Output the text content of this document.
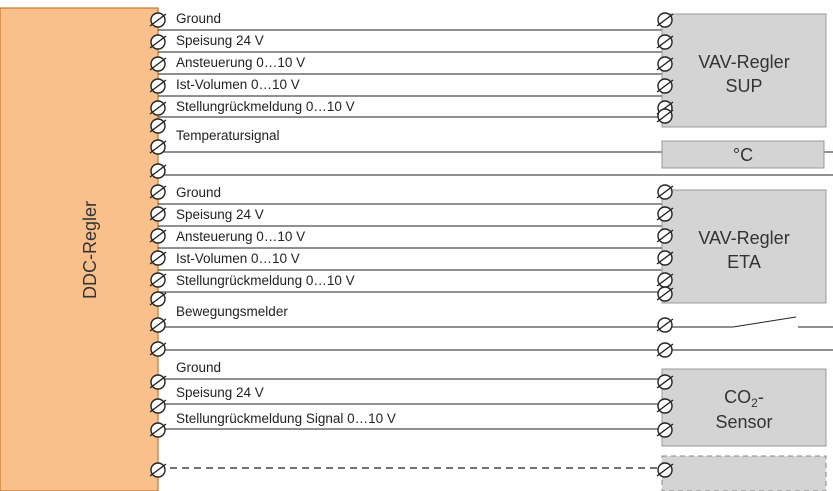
DDC-Regler
Ground
Speisung 24 V
Ansteuerung 0…10 V
Ist-Volumen 0…10 V
Stellungrückmeldung 0…10 V
VAV-Regler
SUP
Temperatursignal
°C
Ground
Speisung 24 V
Ansteuerung 0…10 V
Ist-Volumen 0…10 V
Stellungrückmeldung 0…10 V
VAV-Regler
ETA
Bewegungsmelder
Ground
Speisung 24 V
Stellungrückmeldung Signal 0…10 V
$CO_2-$
Sensor
